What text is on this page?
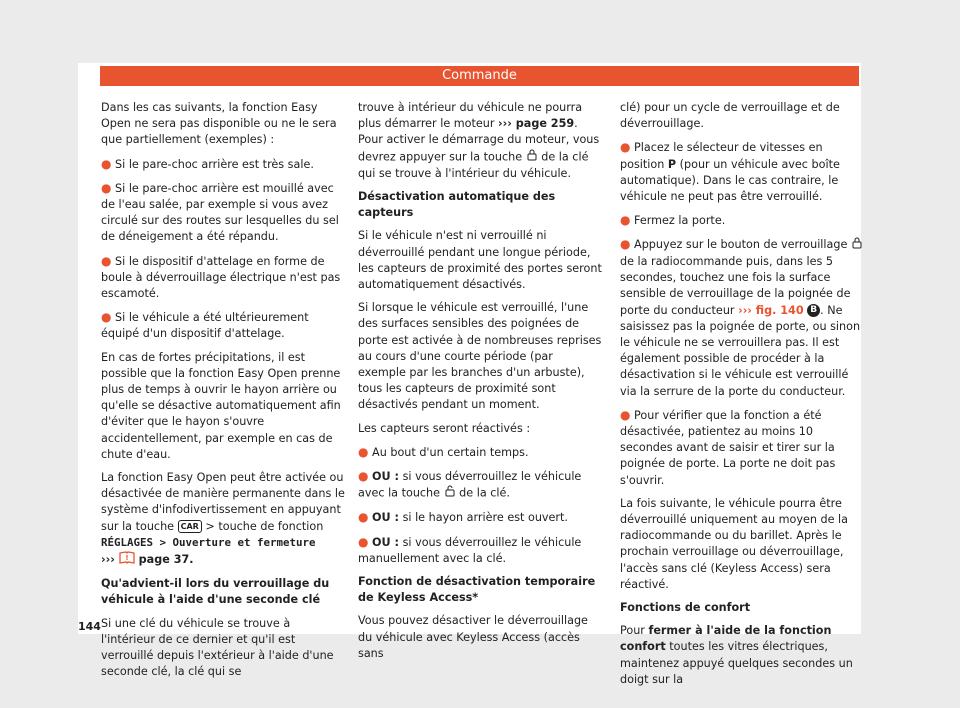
Commande

Dans les cas suivants, la fonction Easy Open ne sera pas disponible ou ne le sera que partiellement (exemples) :

● Si le pare-choc arrière est très sale.

● Si le pare-choc arrière est mouillé avec de l'eau salée, par exemple si vous avez circulé sur des routes sur lesquelles du sel de déneigement a été répandu.

● Si le dispositif d'attelage en forme de boule à déverrouillage électrique n'est pas escamoté.

● Si le véhicule a été ultérieurement équipé d'un dispositif d'attelage.

En cas de fortes précipitations, il est possible que la fonction Easy Open prenne plus de temps à ouvrir le hayon arrière ou qu'elle se désactive automatiquement afin d'éviter que le hayon s'ouvre accidentellement, par exemple en cas de chute d'eau.

La fonction Easy Open peut être activée ou désactivée de manière permanente dans le système d'infodivertissement en appuyant sur la touche CAR > touche de fonction RÉGLAGES > Ouverture et fermeture
››› ! page 37.

Qu'advient-il lors du verrouillage du véhicule à l'aide d'une seconde clé

Si une clé du véhicule se trouve à l'intérieur de ce dernier et qu'il est verrouillé depuis l'extérieur à l'aide d'une seconde clé, la clé qui se

trouve à intérieur du véhicule ne pourra plus démarrer le moteur ››› page 259. Pour activer le démarrage du moteur, vous devrez appuyer sur la touche de la clé qui se trouve à l'intérieur du véhicule.

Désactivation automatique des capteurs

Si le véhicule n'est ni verrouillé ni déverrouillé pendant une longue période, les capteurs de proximité des portes seront automatiquement désactivés.

Si lorsque le véhicule est verrouillé, l'une des surfaces sensibles des poignées de porte est activée à de nombreuses reprises au cours d'une courte période (par exemple par les branches d'un arbuste), tous les capteurs de proximité sont désactivés pendant un moment.

Les capteurs seront réactivés :

● Au bout d'un certain temps.

● OU : si vous déverrouillez le véhicule avec la touche de la clé.

● OU : si le hayon arrière est ouvert.

● OU : si vous déverrouillez le véhicule manuellement avec la clé.

Fonction de désactivation temporaire de Keyless Access*

Vous pouvez désactiver le déverrouillage du véhicule avec Keyless Access (accès sans

clé) pour un cycle de verrouillage et de déverrouillage.

● Placez le sélecteur de vitesses en position P (pour un véhicule avec boîte automatique). Dans le cas contraire, le véhicule ne peut pas être verrouillé.

● Fermez la porte.

● Appuyez sur le bouton de verrouillage  de la radiocommande puis, dans les 5 secondes, touchez une fois la surface sensible de verrouillage de la poignée de porte du conducteur ››› fig. 140 B . Ne saisissez pas la poignée de porte, ou sinon le véhicule ne se verrouillera pas. Il est également possible de procéder à la désactivation si le véhicule est verrouillé via la serrure de la porte du conducteur.

● Pour vérifier que la fonction a été désactivée, patientez au moins 10 secondes avant de saisir et tirer sur la poignée de porte. La porte ne doit pas s'ouvrir.

La fois suivante, le véhicule pourra être déverrouillé uniquement au moyen de la radiocommande ou du barillet. Après le prochain verrouillage ou déverrouillage, l'accès sans clé (Keyless Access) sera réactivé.

Fonctions de confort

Pour fermer à l'aide de la fonction confort toutes les vitres électriques, maintenez appuyé quelques secondes un doigt sur la

144
